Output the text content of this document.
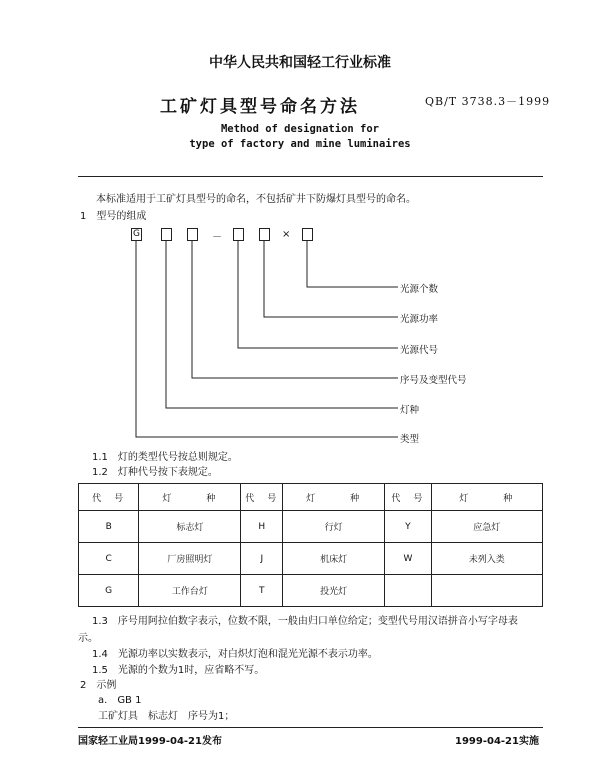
中华人民共和国轻工行业标准
工矿灯具型号命名方法	QB/T 3738.3－1999
Method of designation for
type of factory and mine luminaires
本标准适用于工矿灯具型号的命名，不包括矿井下防爆灯具型号的命名。
1　 型号的组成
G	－	×
光源个数
光源功率
光源代号
序号及变型代号
灯种
类型
1.1　 灯的类型代号按总则规定。
1.2　 灯种代号按下表规定。
代　号	灯　　　种	代　号	灯　　　种	代　号	灯　　　种
B	标志灯	H	行灯	Y	应急灯
C	厂房照明灯	J	机床灯	W	未列入类
G	工作台灯	T	投光灯		
1.3　 序号用阿拉伯数字表示，位数不限，一般由归口单位给定；变型代号用汉语拼音小写字母表
示。
1.4　 光源功率以实数表示，对白炽灯泡和混光光源不表示功率。
1.5　 光源的个数为1时，应省略不写。
2　 示例
a.　 GB 1
工矿灯具　标志灯　序号为1；
国家轻工业局1999-04-21发布	1999-04-21实施
